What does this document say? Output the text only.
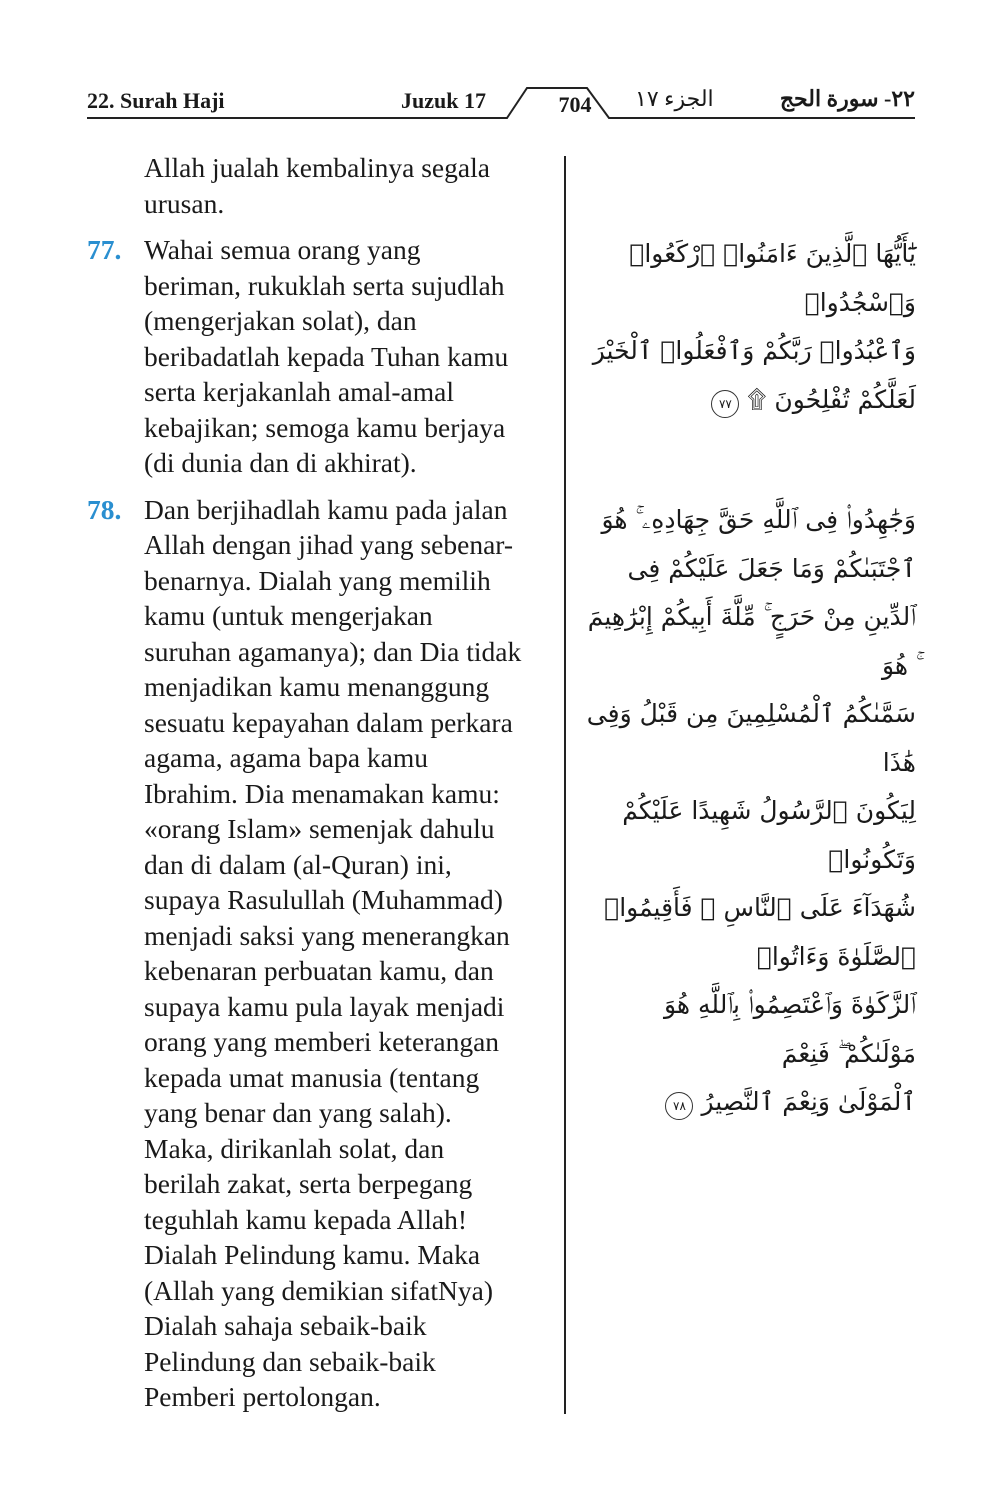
22. Surah Haji	Juzuk 17	704	الجزء ١٧	٢٢- سورة الحج
Allah jualah kembalinya segala
urusan.
77. Wahai semua orang yang
beriman, rukuklah serta sujudlah
(mengerjakan solat), dan
beribadatlah kepada Tuhan kamu
serta kerjakanlah amal-amal
kebajikan; semoga kamu berjaya
(di dunia dan di akhirat).
78. Dan berjihadlah kamu pada jalan
Allah dengan jihad yang sebenar-
benarnya. Dialah yang memilih
kamu (untuk mengerjakan
suruhan agamanya); dan Dia tidak
menjadikan kamu menanggung
sesuatu kepayahan dalam perkara
agama, agama bapa kamu
Ibrahim. Dia menamakan kamu:
«orang Islam» semenjak dahulu
dan di dalam (al-Quran) ini,
supaya Rasulullah (Muhammad)
menjadi saksi yang menerangkan
kebenaran perbuatan kamu, dan
supaya kamu pula layak menjadi
orang yang memberi keterangan
kepada umat manusia (tentang
yang benar dan yang salah).
Maka, dirikanlah solat, dan
berilah zakat, serta berpegang
teguhlah kamu kepada Allah!
Dialah Pelindung kamu. Maka
(Allah yang demikian sifatNya)
Dialah sahaja sebaik-baik
Pelindung dan sebaik-baik
Pemberi pertolongan.
يَٰٓأَيُّهَا ٱلَّذِينَ ءَامَنُوا۟ ٱرْكَعُوا۟ وَٱسْجُدُوا۟
وَٱعْبُدُوا۟ رَبَّكُمْ وَٱفْعَلُوا۟ ٱلْخَيْرَ
لَعَلَّكُمْ تُفْلِحُونَ ۩ ٧٧
وَجَٰهِدُوا۟ فِى ٱللَّهِ حَقَّ جِهَادِهِۦ ۚ هُوَ
ٱجْتَبَىٰكُمْ وَمَا جَعَلَ عَلَيْكُمْ فِى
ٱلدِّينِ مِنْ حَرَجٍ ۚ مِّلَّةَ أَبِيكُمْ إِبْرَٰهِيمَ ۚ هُوَ
سَمَّىٰكُمُ ٱلْمُسْلِمِينَ مِن قَبْلُ وَفِى هَٰذَا
لِيَكُونَ ٱلرَّسُولُ شَهِيدًا عَلَيْكُمْ وَتَكُونُوا۟
شُهَدَآءَ عَلَى ٱلنَّاسِ ۚ فَأَقِيمُوا۟ ٱلصَّلَوٰةَ وَءَاتُوا۟
ٱلزَّكَوٰةَ وَٱعْتَصِمُوا۟ بِٱللَّهِ هُوَ مَوْلَىٰكُمْ ۖ فَنِعْمَ
ٱلْمَوْلَىٰ وَنِعْمَ ٱلنَّصِيرُ ٧٨
